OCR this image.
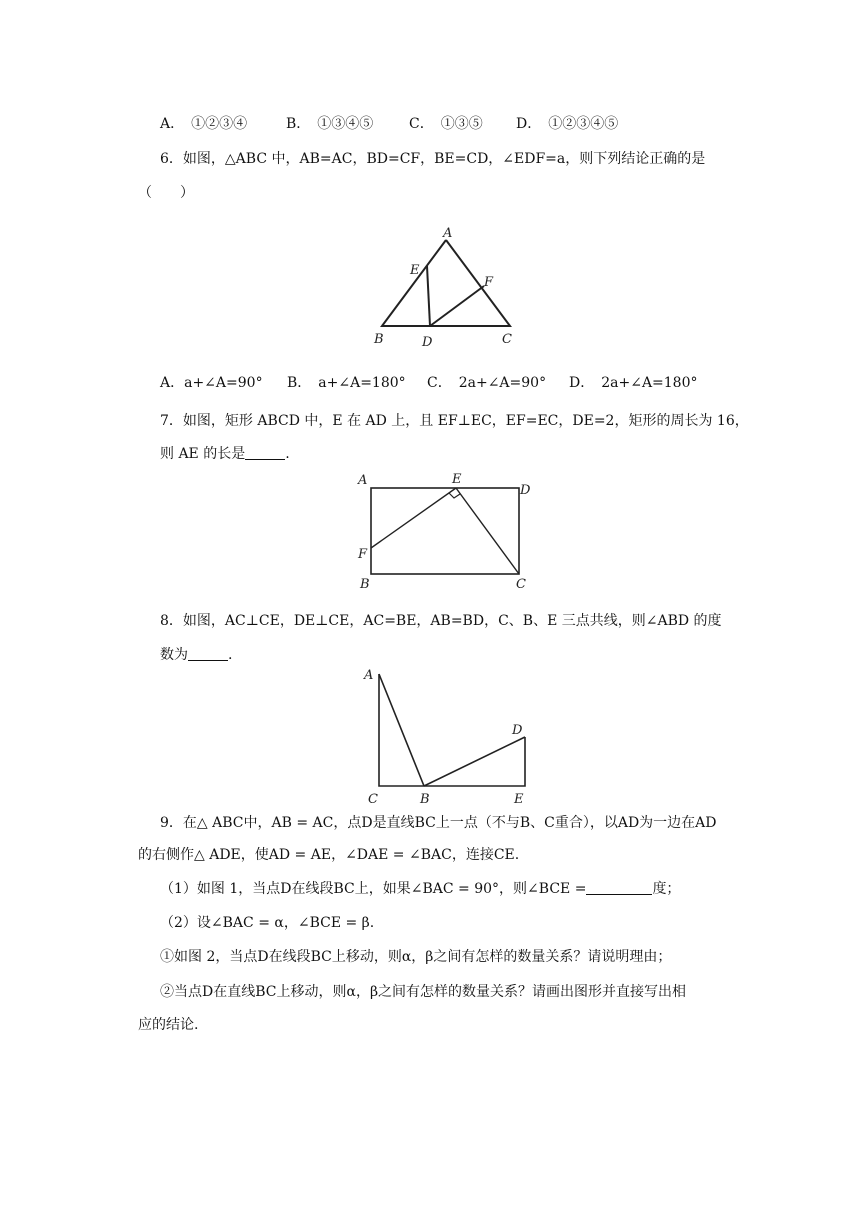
A．　①②③④	B．　①③④⑤	C．　①③⑤ D．　①②③④⑤
6．如图，△ABC 中，AB=AC，BD=CF，BE=CD，∠EDF=a，则下列结论正确的是
（　　）
A
E
F
B	D	C
A．a+∠A=90° B．　a+∠A=180° C．　2a+∠A=90° D．　2a+∠A=180°
7．如图，矩形 ABCD 中，E 在 AD 上，且 EF⊥EC，EF=EC，DE=2，矩形的周长为 16，
则 AE 的长是	.
A	E
D
F
B	C
8．如图，AC⊥CE，DE⊥CE，AC=BE，AB=BD，C、B、E 三点共线，则∠ABD 的度
数为	.
A
D
C	B	E
9．在△ ABC中，AB = AC，点D是直线BC上一点（不与B、C重合），以AD为一边在AD
的右侧作△ ADE，使AD = AE，∠DAE = ∠BAC，连接CE.
（1）如图 1，当点D在线段BC上，如果∠BAC = 90°，则∠BCE =	度；
（2）设∠BAC = α，∠BCE = β.
①如图 2，当点D在线段BC上移动，则α，β之间有怎样的数量关系？请说明理由；
②当点D在直线BC上移动，则α，β之间有怎样的数量关系？请画出图形并直接写出相
应的结论.
